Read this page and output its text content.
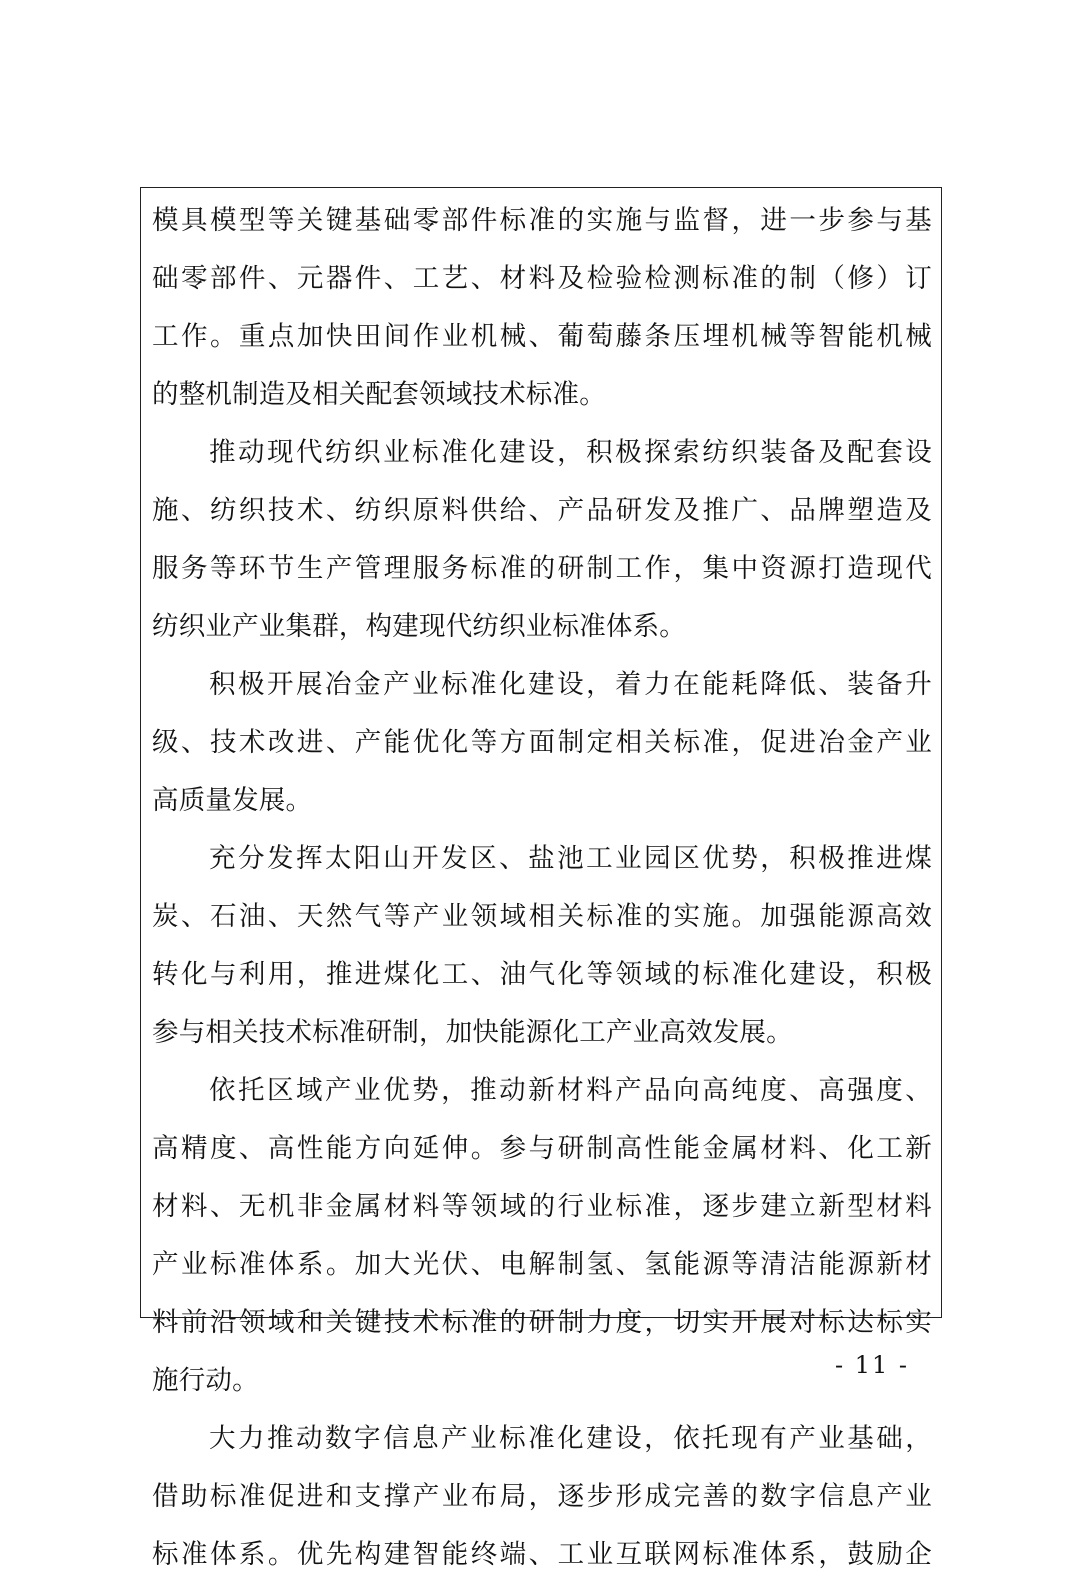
模具模型等关键基础零部件标准的实施与监督，进一步参与基
础零部件、元器件、工艺、材料及检验检测标准的制（修）订
工作。重点加快田间作业机械、葡萄藤条压埋机械等智能机械
的整机制造及相关配套领域技术标准。
推动现代纺织业标准化建设，积极探索纺织装备及配套设
施、纺织技术、纺织原料供给、产品研发及推广、品牌塑造及
服务等环节生产管理服务标准的研制工作，集中资源打造现代
纺织业产业集群，构建现代纺织业标准体系。
积极开展冶金产业标准化建设，着力在能耗降低、装备升
级、技术改进、产能优化等方面制定相关标准，促进冶金产业
高质量发展。
充分发挥太阳山开发区、盐池工业园区优势，积极推进煤
炭、石油、天然气等产业领域相关标准的实施。加强能源高效
转化与利用，推进煤化工、油气化等领域的标准化建设，积极
参与相关技术标准研制，加快能源化工产业高效发展。
依托区域产业优势，推动新材料产品向高纯度、高强度、
高精度、高性能方向延伸。参与研制高性能金属材料、化工新
材料、无机非金属材料等领域的行业标准，逐步建立新型材料
产业标准体系。加大光伏、电解制氢、氢能源等清洁能源新材
料前沿领域和关键技术标准的研制力度，切实开展对标达标实
施行动。
大力推动数字信息产业标准化建设，依托现有产业基础，
借助标准促进和支撑产业布局，逐步形成完善的数字信息产业
标准体系。优先构建智能终端、工业互联网标准体系，鼓励企
- 11 -
